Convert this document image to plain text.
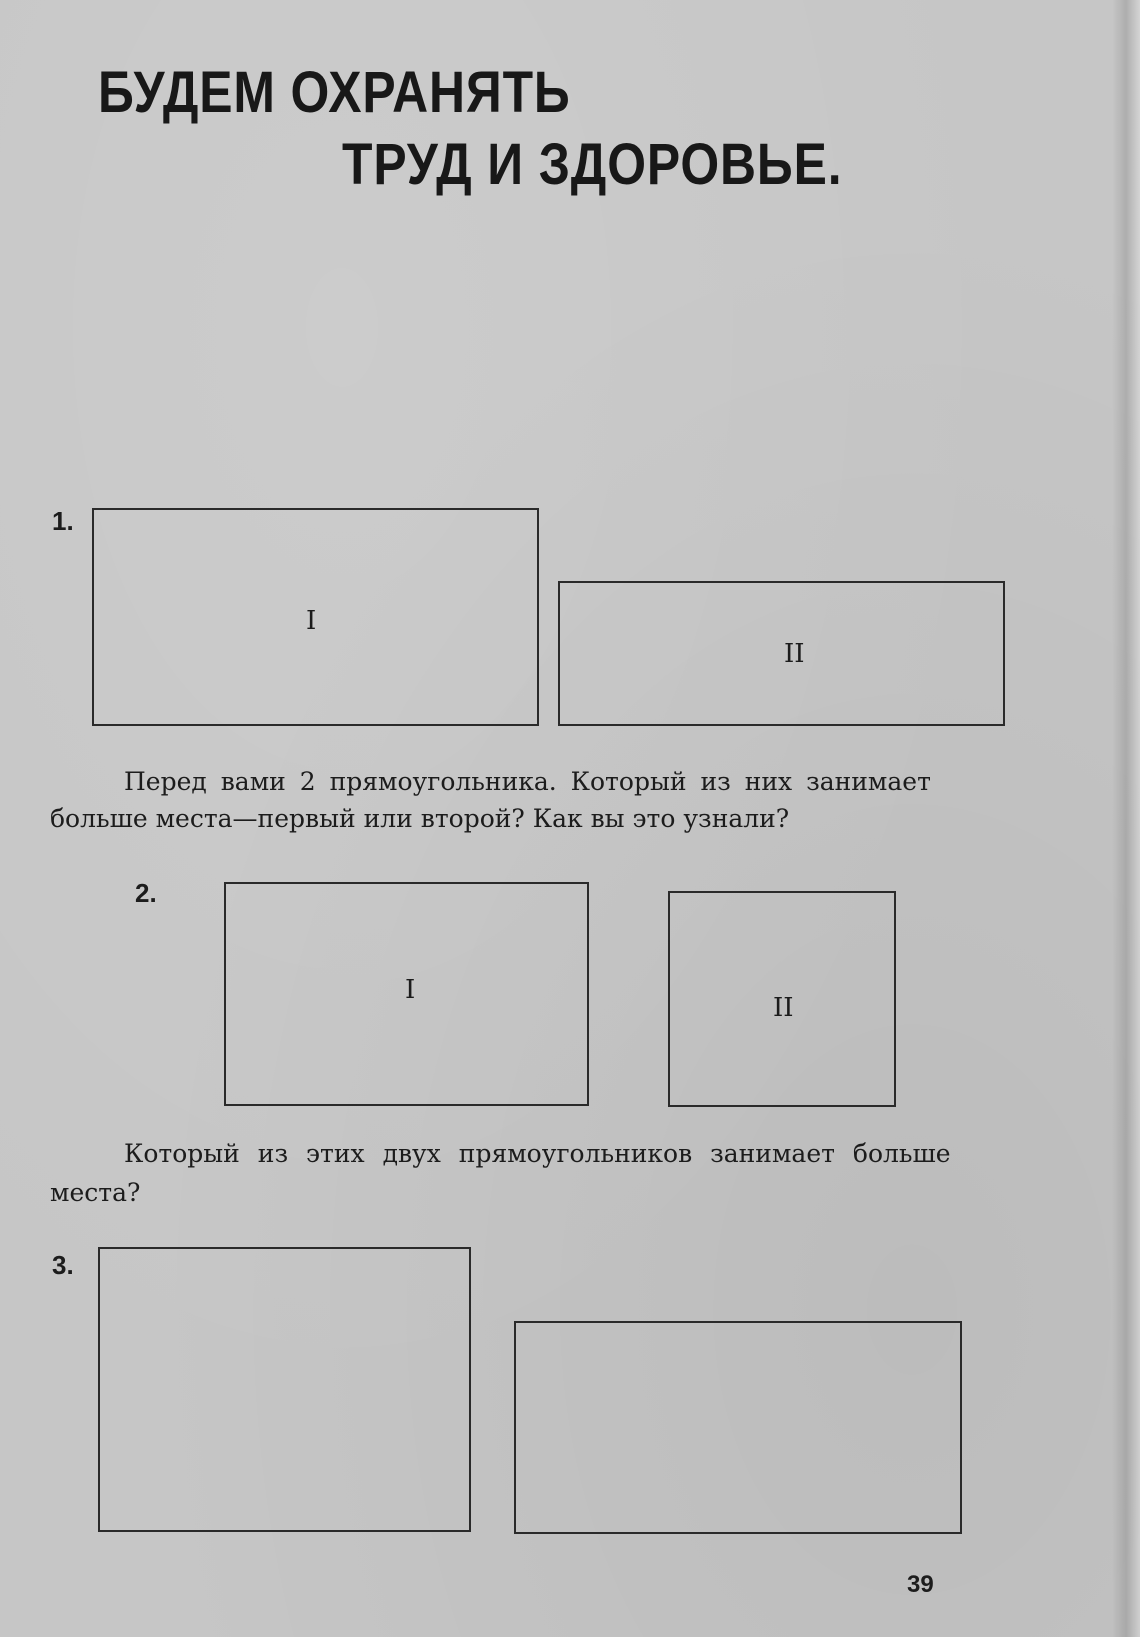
БУДЕМ ОХРАНЯТЬ
ТРУД И ЗДОРОВЬЕ.
1.
I
II

Перед вами 2 прямоугольника. Который из них занимает

больше места—первый или второй? Как вы это узнали?

2.
I
II

Который из этих двух прямоугольников занимает больше

места?

3.
39
